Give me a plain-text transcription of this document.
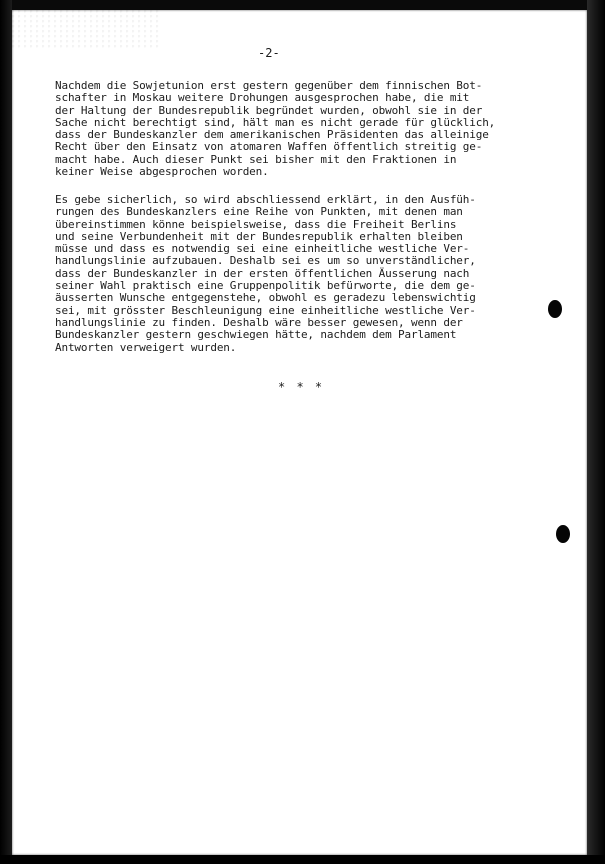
-2-
Nachdem die Sowjetunion erst gestern gegenüber dem finnischen Bot-
schafter in Moskau weitere Drohungen ausgesprochen habe, die mit
der Haltung der Bundesrepublik begründet wurden, obwohl sie in der
Sache nicht berechtigt sind, hält man es nicht gerade für glücklich,
dass der Bundeskanzler dem amerikanischen Präsidenten das alleinige
Recht über den Einsatz von atomaren Waffen öffentlich streitig ge-
macht habe. Auch dieser Punkt sei bisher mit den Fraktionen in
keiner Weise abgesprochen worden.
Es gebe sicherlich, so wird abschliessend erklärt, in den Ausfüh-
rungen des Bundeskanzlers eine Reihe von Punkten, mit denen man
übereinstimmen könne beispielsweise, dass die Freiheit Berlins
und seine Verbundenheit mit der Bundesrepublik erhalten bleiben
müsse und dass es notwendig sei eine einheitliche westliche Ver-
handlungslinie aufzubauen. Deshalb sei es um so unverständlicher,
dass der Bundeskanzler in der ersten öffentlichen Äusserung nach
seiner Wahl praktisch eine Gruppenpolitik befürworte, die dem ge-
äusserten Wunsche entgegenstehe, obwohl es geradezu lebenswichtig
sei, mit grösster Beschleunigung eine einheitliche westliche Ver-
handlungslinie zu finden. Deshalb wäre besser gewesen, wenn der
Bundeskanzler gestern geschwiegen hätte, nachdem dem Parlament
Antworten verweigert wurden.
* * *
